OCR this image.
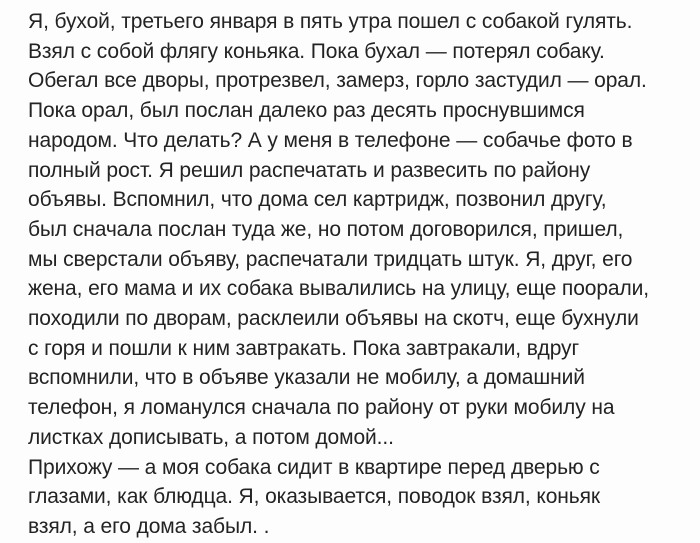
Я, бухой, третьего января в пять утра пошел с собакой гулять.
Взял с собой флягу коньяка. Пока бухал — потерял собаку.
Обегал все дворы, протрезвел, замерз, горло застудил — орал.
Пока орал, был послан далеко раз десять проснувшимся
народом. Что делать? А у меня в телефоне — собачье фото в
полный рост. Я решил распечатать и развесить по району
объявы. Вспомнил, что дома сел картридж, позвонил другу,
был сначала послан туда же, но потом договорился, пришел,
мы сверстали объяву, распечатали тридцать штук. Я, друг, его
жена, его мама и их собака вывалились на улицу, еще поорали,
походили по дворам, расклеили объявы на скотч, еще бухнули
с горя и пошли к ним завтракать. Пока завтракали, вдруг
вспомнили, что в объяве указали не мобилу, а домашний
телефон, я ломанулся сначала по району от руки мобилу на
листках дописывать, а потом домой...
Прихожу — а моя собака сидит в квартире перед дверью с
глазами, как блюдца. Я, оказывается, поводок взял, коньяк
взял, а его дома забыл. .
